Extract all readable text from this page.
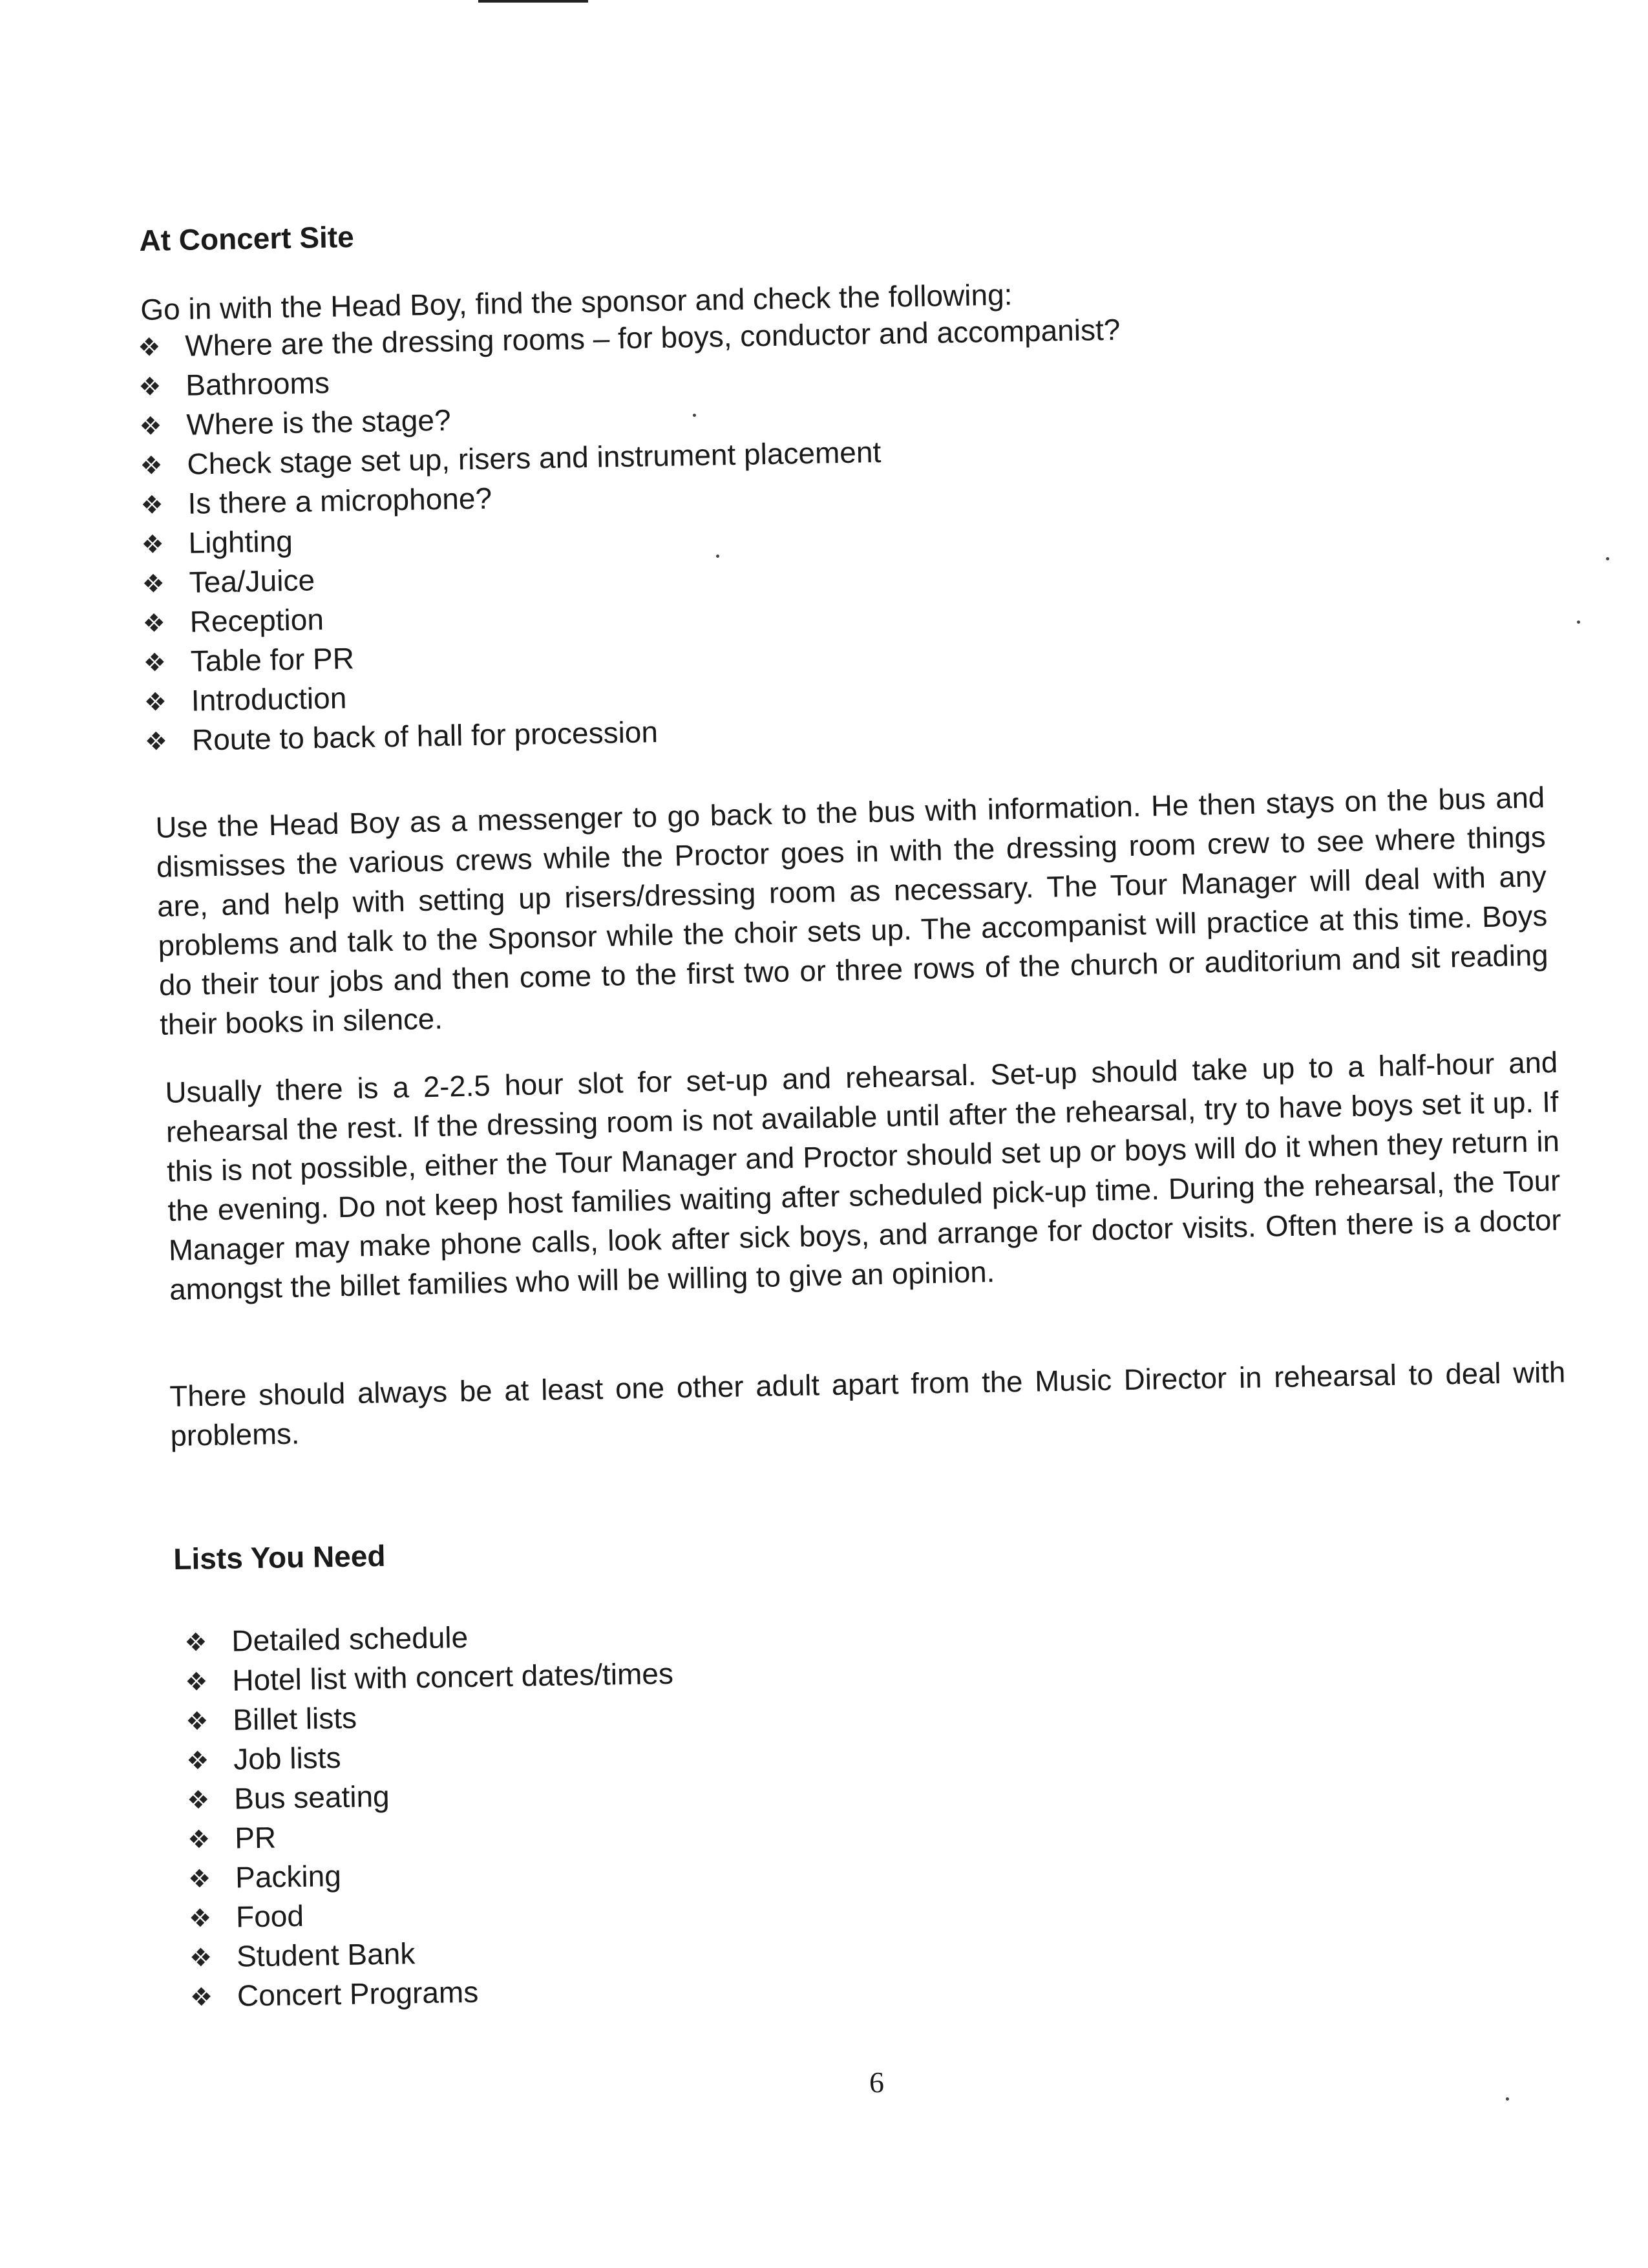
At Concert Site

Go in with the Head Boy, find the sponsor and check the following:

Where are the dressing rooms – for boys, conductor and accompanist?
Bathrooms
Where is the stage?
Check stage set up, risers and instrument placement
Is there a microphone?
Lighting
Tea/Juice
Reception
Table for PR
Introduction
Route to back of hall for procession

Use the Head Boy as a messenger to go back to the bus with information. He then stays on the bus and dismisses the various crews while the Proctor goes in with the dressing room crew to see where things are, and help with setting up risers/dressing room as necessary. The Tour Manager will deal with any problems and talk to the Sponsor while the choir sets up. The accompanist will practice at this time. Boys do their tour jobs and then come to the first two or three rows of the church or auditorium and sit reading their books in silence.

Usually there is a 2-2.5 hour slot for set-up and rehearsal. Set-up should take up to a half-hour and rehearsal the rest. If the dressing room is not available until after the rehearsal, try to have boys set it up. If this is not possible, either the Tour Manager and Proctor should set up or boys will do it when they return in the evening. Do not keep host families waiting after scheduled pick-up time. During the rehearsal, the Tour Manager may make phone calls, look after sick boys, and arrange for doctor visits. Often there is a doctor amongst the billet families who will be willing to give an opinion.

There should always be at least one other adult apart from the Music Director in rehearsal to deal with problems.

Lists You Need
Detailed schedule
Hotel list with concert dates/times
Billet lists
Job lists
Bus seating
PR
Packing
Food
Student Bank
Concert Programs
6
